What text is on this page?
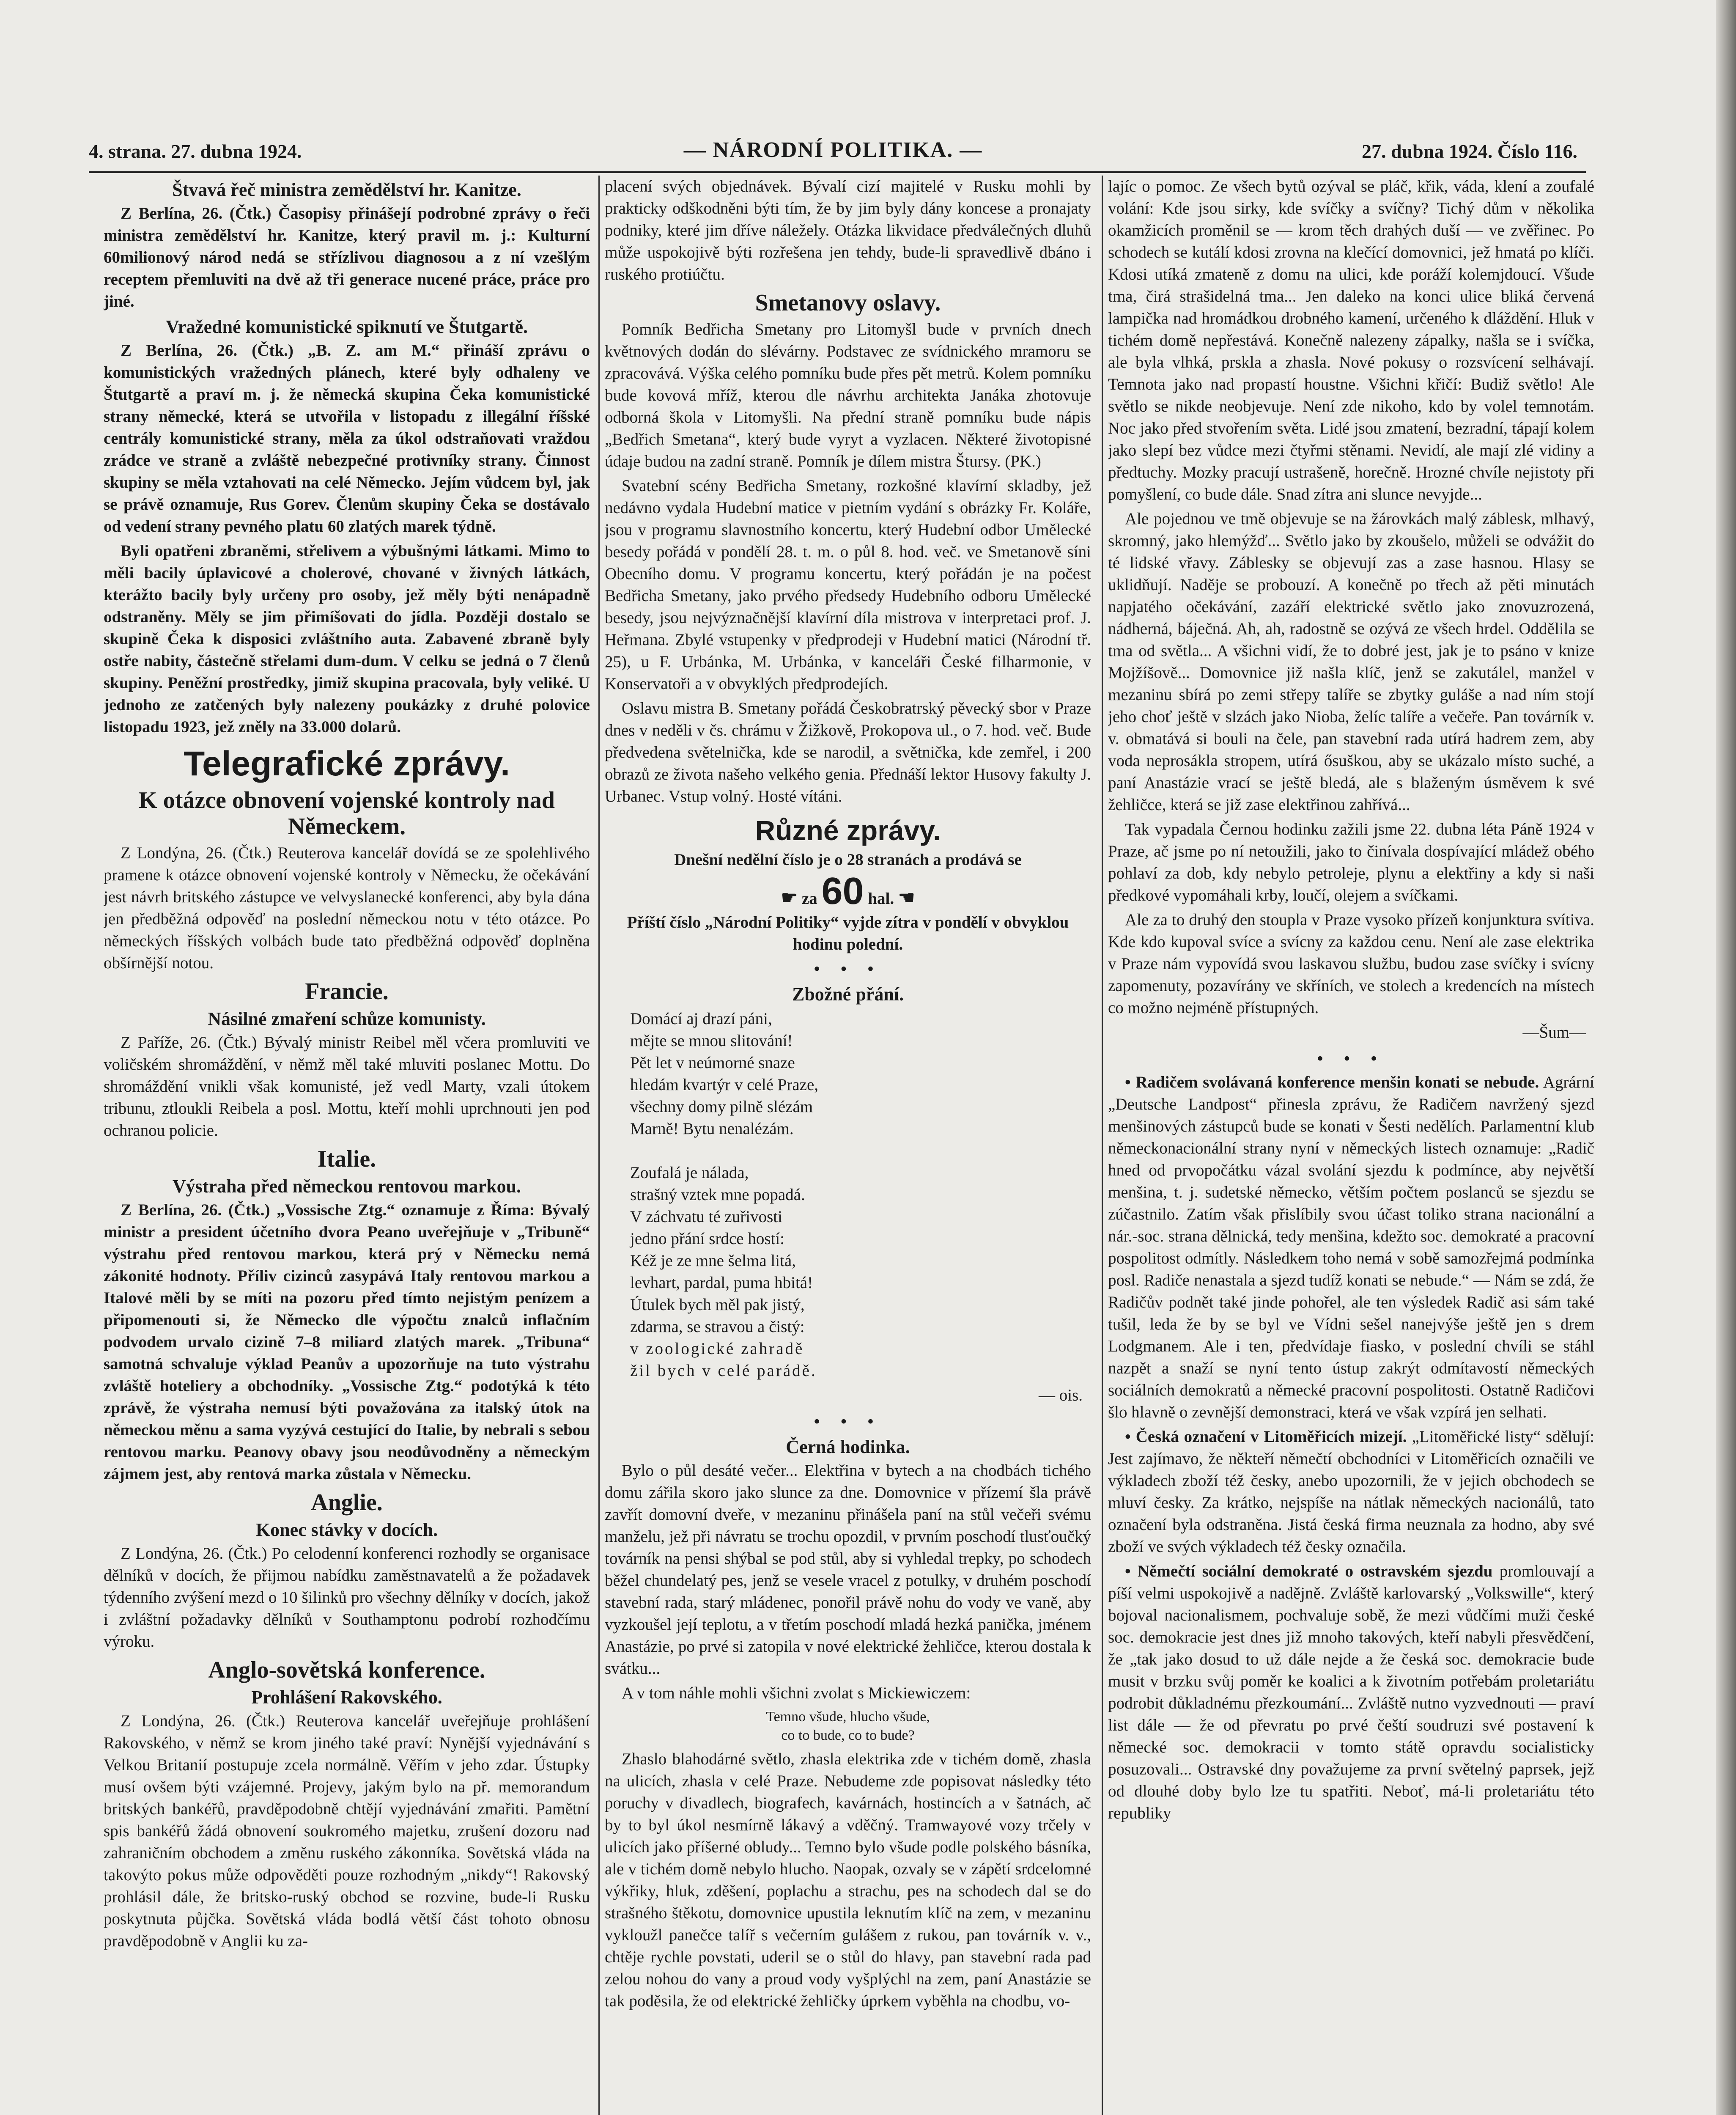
4. strana. 27. dubna 1924.	— NÁRODNÍ POLITIKA. —	27. dubna 1924. Číslo 116.
Štvavá řeč ministra zemědělství hr. Kanitze.

Z Berlína, 26. (Čtk.) Časopisy přinášejí podrobné zprávy o řeči ministra zemědělství hr. Kanitze, který pravil m. j.: Kulturní 60milionový národ nedá se střízlivou diagnosou a z ní vzešlým receptem přemluviti na dvě až tři generace nucené práce, práce pro jiné.

Vražedné komunistické spiknutí ve Štutgartě.

Z Berlína, 26. (Čtk.) „B. Z. am M.“ přináší zprávu o komunistických vražedných plánech, které byly odhaleny ve Štutgartě a praví m. j. že německá skupina Čeka komunistické strany německé, která se utvořila v listopadu z illegální říšské centrály komunistické strany, měla za úkol odstraňovati vraždou zrádce ve straně a zvláště nebezpečné protivníky strany. Činnost skupiny se měla vztahovati na celé Německo. Jejím vůdcem byl, jak se právě oznamuje, Rus Gorev. Členům skupiny Čeka se dostávalo od vedení strany pevného platu 60 zlatých marek týdně.

Byli opatřeni zbraněmi, střelivem a výbušnými látkami. Mimo to měli bacily úplavicové a cholerové, chované v živných látkách, kterážto bacily byly určeny pro osoby, jež měly býti nenápadně odstraněny. Měly se jim přimíšovati do jídla. Později dostalo se skupině Čeka k disposici zvláštního auta. Zabavené zbraně byly ostře nabity, částečně střelami dum-dum. V celku se jedná o 7 členů skupiny. Peněžní prostředky, jimiž skupina pracovala, byly veliké. U jednoho ze zatčených byly nalezeny poukázky z druhé polovice listopadu 1923, jež zněly na 33.000 dolarů.

Telegrafické zprávy.
K otázce obnovení vojenské kontroly nad Německem.

Z Londýna, 26. (Čtk.) Reuterova kancelář dovídá se ze spolehlivého pramene k otázce obnovení vojenské kontroly v Německu, že očekávání jest návrh britského zástupce ve velvyslanecké konferenci, aby byla dána jen předběžná odpověď na poslední německou notu v této otázce. Po německých říšských volbách bude tato předběžná odpověď doplněna obšírnější notou.

Francie.
Násilné zmaření schůze komunisty.

Z Paříže, 26. (Čtk.) Bývalý ministr Reibel měl včera promluviti ve voličském shromáždění, v němž měl také mluviti poslanec Mottu. Do shromáždění vnikli však komunisté, jež vedl Marty, vzali útokem tribunu, ztloukli Reibela a posl. Mottu, kteří mohli uprchnouti jen pod ochranou policie.

Italie.
Výstraha před německou rentovou markou.

Z Berlína, 26. (Čtk.) „Vossische Ztg.“ oznamuje z Říma: Bývalý ministr a president účetního dvora Peano uveřejňuje v „Tribuně“ výstrahu před rentovou markou, která prý v Německu nemá zákonité hodnoty. Příliv cizinců zasypává Italy rentovou markou a Italové měli by se míti na pozoru před tímto nejistým penízem a připomenouti si, že Německo dle výpočtu znalců inflačním podvodem urvalo cizině 7–8 miliard zlatých marek. „Tribuna“ samotná schvaluje výklad Peanův a upozorňuje na tuto výstrahu zvláště hoteliery a obchodníky. „Vossische Ztg.“ podotýká k této zprávě, že výstraha nemusí býti považována za italský útok na německou měnu a sama vyzývá cestující do Italie, by nebrali s sebou rentovou marku. Peanovy obavy jsou neodůvodněny a německým zájmem jest, aby rentová marka zůstala v Německu.

Anglie.
Konec stávky v docích.

Z Londýna, 26. (Čtk.) Po celodenní konferenci rozhodly se organisace dělníků v docích, že přijmou nabídku zaměstnavatelů a že požadavek týdenního zvýšení mezd o 10 šilinků pro všechny dělníky v docích, jakož i zvláštní požadavky dělníků v Southamptonu podrobí rozhodčímu výroku.

Anglo-sovětská konference.
Prohlášení Rakovského.

Z Londýna, 26. (Čtk.) Reuterova kancelář uveřejňuje prohlášení Rakovského, v němž se krom jiného také praví: Nynější vyjednávání s Velkou Britanií postupuje zcela normálně. Věřím v jeho zdar. Ústupky musí ovšem býti vzájemné. Projevy, jakým bylo na př. memorandum britských bankéřů, pravděpodobně chtějí vyjednávání zmařiti. Pamětní spis bankéřů žádá obnovení soukromého majetku, zrušení dozoru nad zahraničním obchodem a změnu ruského zákonníka. Sovětská vláda na takovýto pokus může odpověděti pouze rozhodným „nikdy“! Rakovský prohlásil dále, že britsko-ruský obchod se rozvine, bude-li Rusku poskytnuta půjčka. Sovětská vláda bodlá větší část tohoto obnosu pravděpodobně v Anglii ku za-

placení svých objednávek. Bývalí cizí majitelé v Rusku mohli by prakticky odškodněni býti tím, že by jim byly dány koncese a pronajaty podniky, které jim dříve náležely. Otázka likvidace předválečných dluhů může uspokojivě býti rozřešena jen tehdy, bude-li spravedlivě dbáno i ruského protiúčtu.

Smetanovy oslavy.

Pomník Bedřicha Smetany pro Litomyšl bude v prvních dnech květnových dodán do slévárny. Podstavec ze svídnického mramoru se zpracovává. Výška celého pomníku bude přes pět metrů. Kolem pomníku bude kovová mříž, kterou dle návrhu architekta Janáka zhotovuje odborná škola v Litomyšli. Na přední straně pomníku bude nápis „Bedřich Smetana“, který bude vyryt a vyzlacen. Některé životopisné údaje budou na zadní straně. Pomník je dílem mistra Štursy. (PK.)

Svatební scény Bedřicha Smetany, rozkošné klavírní skladby, jež nedávno vydala Hudební matice v pietním vydání s obrázky Fr. Koláře, jsou v programu slavnostního koncertu, který Hudební odbor Umělecké besedy pořádá v pondělí 28. t. m. o půl 8. hod. več. ve Smetanově síni Obecního domu. V programu koncertu, který pořádán je na počest Bedřicha Smetany, jako prvého předsedy Hudebního odboru Umělecké besedy, jsou nejvýznačnější klavírní díla mistrova v interpretaci prof. J. Heřmana. Zbylé vstupenky v předprodeji v Hudební matici (Národní tř. 25), u F. Urbánka, M. Urbánka, v kanceláři České filharmonie, v Konservatoři a v obvyklých předprodejích.

Oslavu mistra B. Smetany pořádá Českobratrský pěvecký sbor v Praze dnes v neděli v čs. chrámu v Žižkově, Prokopova ul., o 7. hod. več. Bude předvedena světelnička, kde se narodil, a světnička, kde zemřel, i 200 obrazů ze života našeho velkého genia. Přednáší lektor Husovy fakulty J. Urbanec. Vstup volný. Hosté vítáni.

Různé zprávy.
Dnešní nedělní číslo je o 28 stranách a prodává se
☛ za 60 hal. ☚
Příští číslo „Národní Politiky“ vyjde zítra v pondělí v obvyklou hodinu polední.
• • •
Zbožné přání.
Domácí aj drazí páni,
mějte se mnou slitování!
Pět let v neúmorné snaze
hledám kvartýr v celé Praze,
všechny domy pilně slézám
Marně! Bytu nenalézám.

Zoufalá je nálada,
strašný vztek mne popadá.
V záchvatu té zuřivosti
jedno přání srdce hostí:
Kéž je ze mne šelma litá,
levhart, pardal, puma hbitá!
Útulek bych měl pak jistý,
zdarma, se stravou a čistý:
v zoologické zahradě
žil bych v celé parádě.
— ois.
• • •
Černá hodinka.

Bylo o půl desáté večer... Elektřina v bytech a na chodbách tichého domu zářila skoro jako slunce za dne. Domovnice v přízemí šla právě zavřít domovní dveře, v mezaninu přinášela paní na stůl večeři svému manželu, jež při návratu se trochu opozdil, v prvním poschodí tlusťoučký továrník na pensi shýbal se pod stůl, aby si vyhledal trepky, po schodech běžel chundelatý pes, jenž se vesele vracel z potulky, v druhém poschodí stavební rada, starý mládenec, ponořil právě nohu do vody ve vaně, aby vyzkoušel její teplotu, a v třetím poschodí mladá hezká panička, jménem Anastázie, po prvé si zatopila v nové elektrické žehličce, kterou dostala k svátku...

A v tom náhle mohli všichni zvolat s Mickiewiczem:

Temno všude, hlucho všude,
co to bude, co to bude?

Zhaslo blahodárné světlo, zhasla elektrika zde v tichém domě, zhasla na ulicích, zhasla v celé Praze. Nebudeme zde popisovat následky této poruchy v divadlech, biografech, kavárnách, hostincích a v šatnách, ač by to byl úkol nesmírně lákavý a vděčný. Tramwayové vozy trčely v ulicích jako příšerné obludy... Temno bylo všude podle polského básníka, ale v tichém domě nebylo hlucho. Naopak, ozvaly se v zápětí srdcelomné výkřiky, hluk, zděšení, poplachu a strachu, pes na schodech dal se do strašného štěkotu, domovnice upustila leknutím klíč na zem, v mezaninu vykloužl panečce talíř s večerním gulášem z rukou, pan továrník v. v., chtěje rychle povstati, uderil se o stůl do hlavy, pan stavební rada pad zelou nohou do vany a proud vody vyšplýchl na zem, paní Anastázie se tak poděsila, že od elektrické žehličky úprkem vyběhla na chodbu, vo-

lajíc o pomoc. Ze všech bytů ozýval se pláč, křik, váda, klení a zoufalé volání: Kde jsou sirky, kde svíčky a svíčny? Tichý dům v několika okamžicích proměnil se — krom těch drahých duší — ve zvěřinec. Po schodech se kutálí kdosi zrovna na klečící domovnici, jež hmatá po klíči. Kdosi utíká zmateně z domu na ulici, kde poráží kolemjdoucí. Všude tma, čirá strašidelná tma... Jen daleko na konci ulice bliká červená lampička nad hromádkou drobného kamení, určeného k dláždění. Hluk v tichém domě nepřestává. Konečně nalezeny zápalky, našla se i svíčka, ale byla vlhká, prskla a zhasla. Nové pokusy o rozsvícení selhávají. Temnota jako nad propastí houstne. Všichni křičí: Budiž světlo! Ale světlo se nikde neobjevuje. Není zde nikoho, kdo by volel temnotám. Noc jako před stvořením světa. Lidé jsou zmatení, bezradní, tápají kolem jako slepí bez vůdce mezi čtyřmi stěnami. Nevidí, ale mají zlé vidiny a předtuchy. Mozky pracují ustrašeně, horečně. Hrozné chvíle nejistoty při pomyšlení, co bude dále. Snad zítra ani slunce nevyjde...

Ale pojednou ve tmě objevuje se na žárovkách malý záblesk, mlhavý, skromný, jako hlemýžď... Světlo jako by zkoušelo, můželi se odvážit do té lidské vřavy. Záblesky se objevují zas a zase hasnou. Hlasy se uklidňují. Naděje se probouzí. A konečně po třech až pěti minutách napjatého očekávání, zazáří elektrické světlo jako znovuzrozená, nádherná, báječná. Ah, ah, radostně se ozývá ze všech hrdel. Oddělila se tma od světla... A všichni vidí, že to dobré jest, jak je to psáno v knize Mojžíšově... Domovnice již našla klíč, jenž se zakutálel, manžel v mezaninu sbírá po zemi střepy talíře se zbytky guláše a nad ním stojí jeho choť ještě v slzách jako Nioba, želíc talíře a večeře. Pan továrník v. v. obmatává si bouli na čele, pan stavební rada utírá hadrem zem, aby voda neprosákla stropem, utírá ősuškou, aby se ukázalo místo suché, a paní Anastázie vrací se ještě bledá, ale s blaženým úsměvem k své žehličce, která se již zase elektřinou zahřívá...

Tak vypadala Černou hodinku zažili jsme 22. dubna léta Páně 1924 v Praze, ač jsme po ní netoužili, jako to činívala dospívající mládež obého pohlaví za dob, kdy nebylo petroleje, plynu a elektřiny a kdy si naši předkové vypomáhali krby, loučí, olejem a svíčkami.

Ale za to druhý den stoupla v Praze vysoko přízeň konjunktura svítiva. Kde kdo kupoval svíce a svícny za každou cenu. Není ale zase elektrika v Praze nám vypovídá svou laskavou službu, budou zase svíčky i svícny zapomenuty, pozavírány ve skříních, ve stolech a kredencích na místech co možno nejméně přístupných.

—Šum—
• • •

• Radičem svolávaná konference menšin konati se nebude. Agrární „Deutsche Landpost“ přinesla zprávu, že Radičem navržený sjezd menšinových zástupců bude se konati v Šesti nedělích. Parlamentní klub německonacionální strany nyní v německých listech oznamuje: „Radič hned od prvopočátku vázal svolání sjezdu k podmínce, aby největší menšina, t. j. sudetské německo, větším počtem poslanců se sjezdu se zúčastnilo. Zatím však přislíbily svou účast toliko strana nacionální a nár.-soc. strana dělnická, tedy menšina, kdežto soc. demokraté a pracovní pospolitost odmítly. Následkem toho nemá v sobě samozřejmá podmínka posl. Radiče nenastala a sjezd tudíž konati se nebude.“ — Nám se zdá, že Radičův podnět také jinde pohořel, ale ten výsledek Radič asi sám také tušil, leda že by se byl ve Vídni sešel nanejvýše ještě jen s drem Lodgmanem. Ale i ten, předvídaje fiasko, v poslední chvíli se stáhl nazpět a snaží se nyní tento ústup zakrýt odmítavostí německých sociálních demokratů a německé pracovní pospolitosti. Ostatně Radičovi šlo hlavně o zevnější demonstraci, která ve však vzpírá jen selhati.

• Česká označení v Litoměřicích mizejí. „Litoměřické listy“ sdělují: Jest zajímavo, že někteří němečtí obchodníci v Litoměřicích označili ve výkladech zboží též česky, anebo upozornili, že v jejich obchodech se mluví česky. Za krátko, nejspíše na nátlak německých nacionálů, tato označení byla odstraněna. Jistá česká firma neuznala za hodno, aby své zboží ve svých výkladech též česky označila.

• Němečtí sociální demokraté o ostravském sjezdu promlouvají a píší velmi uspokojivě a nadějně. Zvláště karlovarský „Volkswille“, který bojoval nacionalismem, pochvaluje sobě, že mezi vůdčími muži české soc. demokracie jest dnes již mnoho takových, kteří nabyli přesvědčení, že „tak jako dosud to už dále nejde a že česká soc. demokracie bude musit v brzku svůj poměr ke koalici a k životním potřebám proletariátu podrobit důkladnému přezkoumání... Zvláště nutno vyzvednouti — praví list dále — že od převratu po prvé čeští soudruzi své postavení k německé soc. demokracii v tomto státě opravdu socialisticky posuzovali... Ostravské dny považujeme za první světelný paprsek, jejž od dlouhé doby bylo lze tu spatřiti. Neboť, má-li proletariátu této republiky
